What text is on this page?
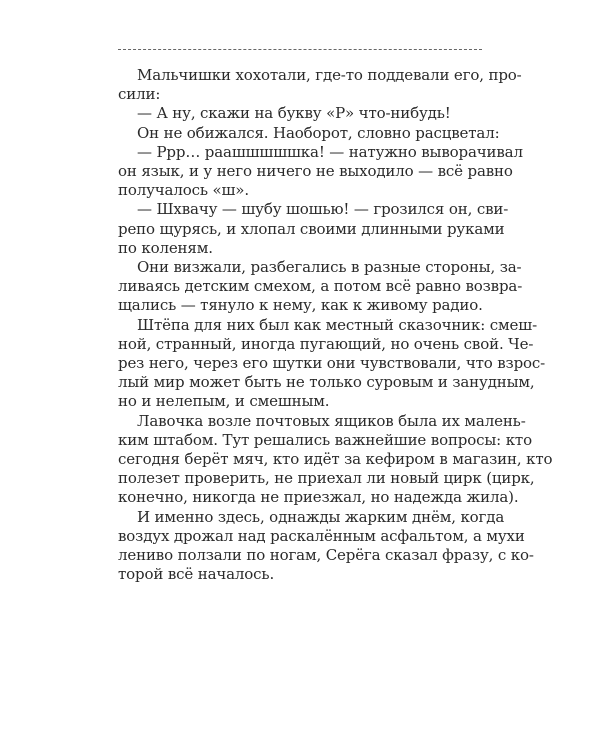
Мальчишки хохотали, где-то поддевали его, про-
сили:
— А ну, скажи на букву «Р» что-нибудь!
Он не обижался. Наоборот, словно расцветал:
— Ррр… раашшшшшка! — натужно выворачивал
он язык, и у него ничего не выходило — всё равно
получалось «ш».
— Шхвачу — шубу шошью! — грозился он, сви-
репо щурясь, и хлопал своими длинными руками
по коленям.
Они визжали, разбегались в разные стороны, за-
ливаясь детским смехом, а потом всё равно возвра-
щались — тянуло к нему, как к живому радио.
Штёпа для них был как местный сказочник: смеш-
ной, странный, иногда пугающий, но очень свой. Че-
рез него, через его шутки они чувствовали, что взрос-
лый мир может быть не только суровым и занудным,
но и нелепым, и смешным.
Лавочка возле почтовых ящиков была их малень-
ким штабом. Тут решались важнейшие вопросы: кто
сегодня берёт мяч, кто идёт за кефиром в магазин, кто
полезет проверить, не приехал ли новый цирк (цирк,
конечно, никогда не приезжал, но надежда жила).
И именно здесь, однажды жарким днём, когда
воздух дрожал над раскалённым асфальтом, а мухи
лениво ползали по ногам, Серёга сказал фразу, с ко-
торой всё началось.
